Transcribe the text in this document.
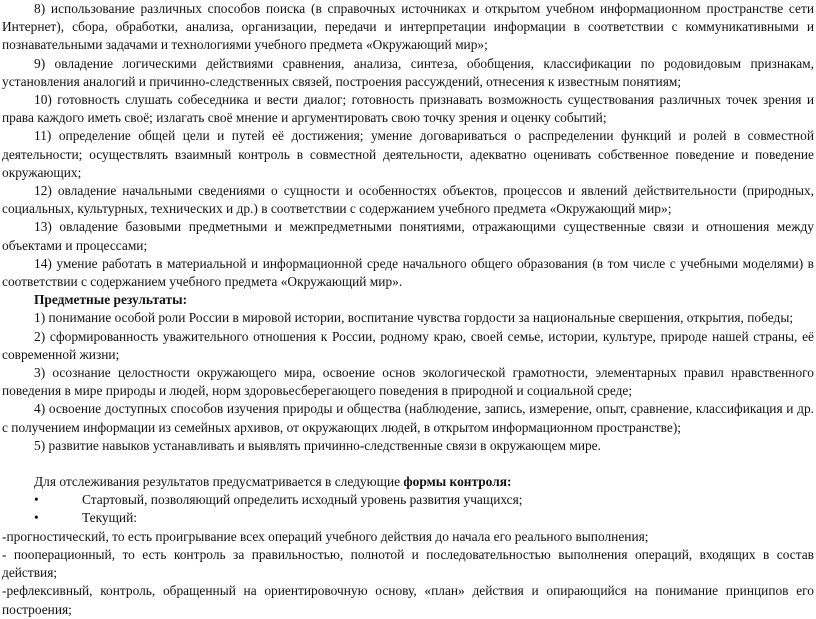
8) использование различных способов поиска (в справочных источниках и открытом учебном информационном пространстве сети Интернет), сбора, обработки, анализа, организации, передачи и интерпретации информации в соответствии с коммуникативными и познавательными задачами и технологиями учебного предмета «Окружающий мир»;

9) овладение логическими действиями сравнения, анализа, синтеза, обобщения, классификации по родовидовым признакам, установления аналогий и причинно-следственных связей, построения рассуждений, отнесения к известным понятиям;

10) готовность слушать собеседника и вести диалог; готовность признавать возможность существования различных точек зрения и права каждого иметь своё; излагать своё мнение и аргументировать свою точку зрения и оценку событий;

11) определение общей цели и путей её достижения; умение договариваться о распределении функций и ролей в совместной деятельности; осуществлять взаимный контроль в совместной деятельности, адекватно оценивать собственное поведение и поведение окружающих;

12) овладение начальными сведениями о сущности и особенностях объектов, процессов и явлений действительности (природных, социальных, культурных, технических и др.) в соответствии с содержанием учебного предмета «Окружающий мир»;

13) овладение базовыми предметными и межпредметными понятиями, отражающими существенные связи и отношения между объектами и процессами;

14) умение работать в материальной и информационной среде начального общего образования (в том числе с учебными моделями) в соответствии с содержанием учебного предмета «Окружающий мир».

Предметные результаты:

1) понимание особой роли России в мировой истории, воспитание чувства гордости за национальные свершения, открытия, победы;

2) сформированность уважительного отношения к России, родному краю, своей семье, истории, культуре, природе нашей страны, её современной жизни;

3) осознание целостности окружающего мира, освоение основ экологической грамотности, элементарных правил нравственного поведения в мире природы и людей, норм здоровьесберегающего поведения в природной и социальной среде;

4) освоение доступных способов изучения природы и общества (наблюдение, запись, измерение, опыт, сравнение, классификация и др. с получением информации из семейных архивов, от окружающих людей, в открытом информационном пространстве);

5) развитие навыков устанавливать и выявлять причинно-следственные связи в окружающем мире.

Для отслеживания результатов предусматривается в следующие формы контроля:

•	Стартовый, позволяющий определить исходный уровень развития учащихся;

•	Текущий:

-прогностический, то есть проигрывание всех операций учебного действия до начала его реального выполнения;

- пооперационный, то есть контроль за правильностью, полнотой и последовательностью выполнения операций, входящих в состав действия;

-рефлексивный, контроль, обращенный на ориентировочную основу, «план» действия и опирающийся на понимание принципов его построения;
